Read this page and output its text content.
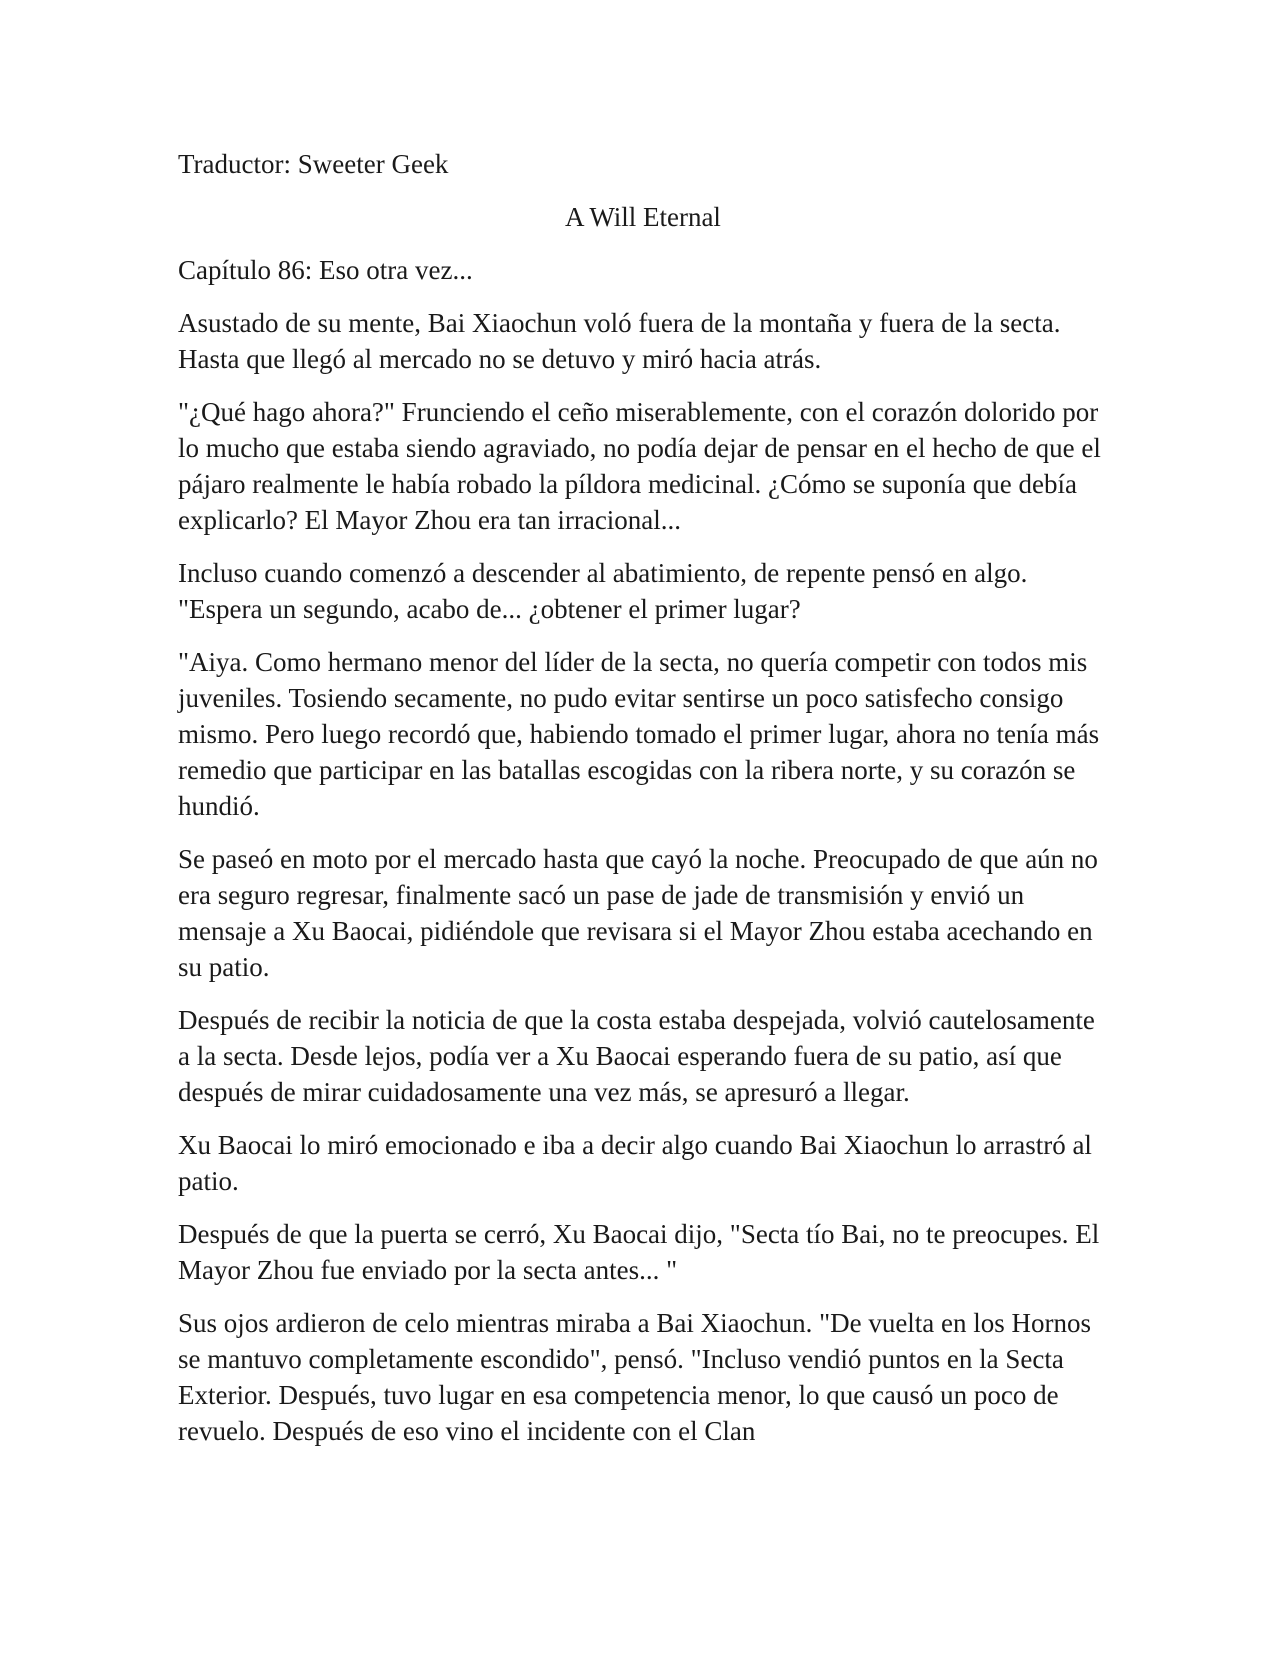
Traductor: Sweeter Geek
A Will Eternal
Capítulo 86: Eso otra vez...

Asustado de su mente, Bai Xiaochun voló fuera de la montaña y fuera de la secta. Hasta que llegó al mercado no se detuvo y miró hacia atrás.

"¿Qué hago ahora?" Frunciendo el ceño miserablemente, con el corazón dolorido por lo mucho que estaba siendo agraviado, no podía dejar de pensar en el hecho de que el pájaro realmente le había robado la píldora medicinal. ¿Cómo se suponía que debía explicarlo? El Mayor Zhou era tan irracional...

Incluso cuando comenzó a descender al abatimiento, de repente pensó en algo. "Espera un segundo, acabo de... ¿obtener el primer lugar?

"Aiya. Como hermano menor del líder de la secta, no quería competir con todos mis juveniles. Tosiendo secamente, no pudo evitar sentirse un poco satisfecho consigo mismo. Pero luego recordó que, habiendo tomado el primer lugar, ahora no tenía más remedio que participar en las batallas escogidas con la ribera norte, y su corazón se hundió.

Se paseó en moto por el mercado hasta que cayó la noche. Preocupado de que aún no era seguro regresar, finalmente sacó un pase de jade de transmisión y envió un mensaje a Xu Baocai, pidiéndole que revisara si el Mayor Zhou estaba acechando en su patio.

Después de recibir la noticia de que la costa estaba despejada, volvió cautelosamente a la secta. Desde lejos, podía ver a Xu Baocai esperando fuera de su patio, así que después de mirar cuidadosamente una vez más, se apresuró a llegar.

Xu Baocai lo miró emocionado e iba a decir algo cuando Bai Xiaochun lo arrastró al patio.

Después de que la puerta se cerró, Xu Baocai dijo, "Secta tío Bai, no te preocupes. El Mayor Zhou fue enviado por la secta antes... "

Sus ojos ardieron de celo mientras miraba a Bai Xiaochun. "De vuelta en los Hornos se mantuvo completamente escondido", pensó. "Incluso vendió puntos en la Secta Exterior. Después, tuvo lugar en esa competencia menor, lo que causó un poco de revuelo. Después de eso vino el incidente con el Clan
